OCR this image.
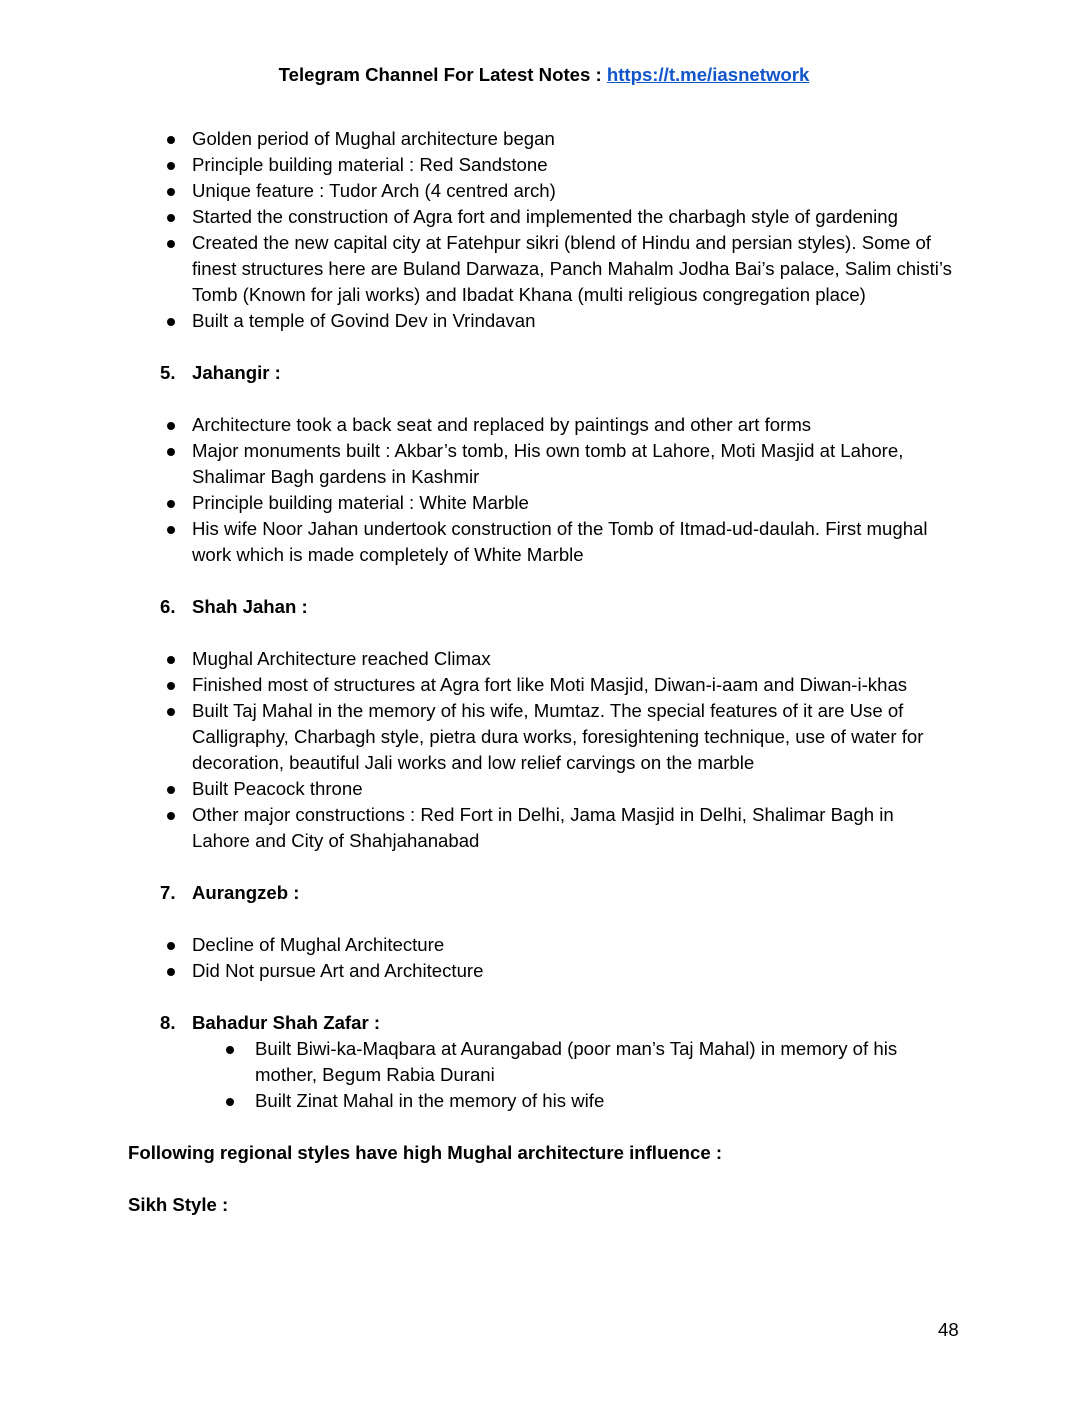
Telegram Channel For Latest Notes : https://t.me/iasnetwork
Golden period of Mughal architecture began
Principle building material : Red Sandstone
Unique feature : Tudor Arch (4 centred arch)
Started the construction of Agra fort and implemented the charbagh style of gardening
Created the new capital city at Fatehpur sikri (blend of Hindu and persian styles). Some of finest structures here are Buland Darwaza, Panch Mahalm Jodha Bai’s palace, Salim chisti’s Tomb (Known for jali works) and Ibadat Khana (multi religious congregation place)
Built a temple of Govind Dev in Vrindavan
5. Jahangir :
Architecture took a back seat and replaced by paintings and other art forms
Major monuments built : Akbar’s tomb, His own tomb at Lahore, Moti Masjid at Lahore, Shalimar Bagh gardens in Kashmir
Principle building material : White Marble
His wife Noor Jahan undertook construction of the Tomb of Itmad-ud-daulah. First mughal work which is made completely of White Marble
6. Shah Jahan :
Mughal Architecture reached Climax
Finished most of structures at Agra fort like Moti Masjid, Diwan-i-aam and Diwan-i-khas
Built Taj Mahal in the memory of his wife, Mumtaz. The special features of it are Use of Calligraphy, Charbagh style, pietra dura works, foresightening technique, use of water for decoration, beautiful Jali works and low relief carvings on the marble
Built Peacock throne
Other major constructions : Red Fort in Delhi, Jama Masjid in Delhi, Shalimar Bagh in Lahore and City of Shahjahanabad
7. Aurangzeb :
Decline of Mughal Architecture
Did Not pursue Art and Architecture
8. Bahadur Shah Zafar :
Built Biwi-ka-Maqbara at Aurangabad (poor man’s Taj Mahal) in memory of his mother, Begum Rabia Durani
Built Zinat Mahal in the memory of his wife
Following regional styles have high Mughal architecture influence :
Sikh Style :
48
